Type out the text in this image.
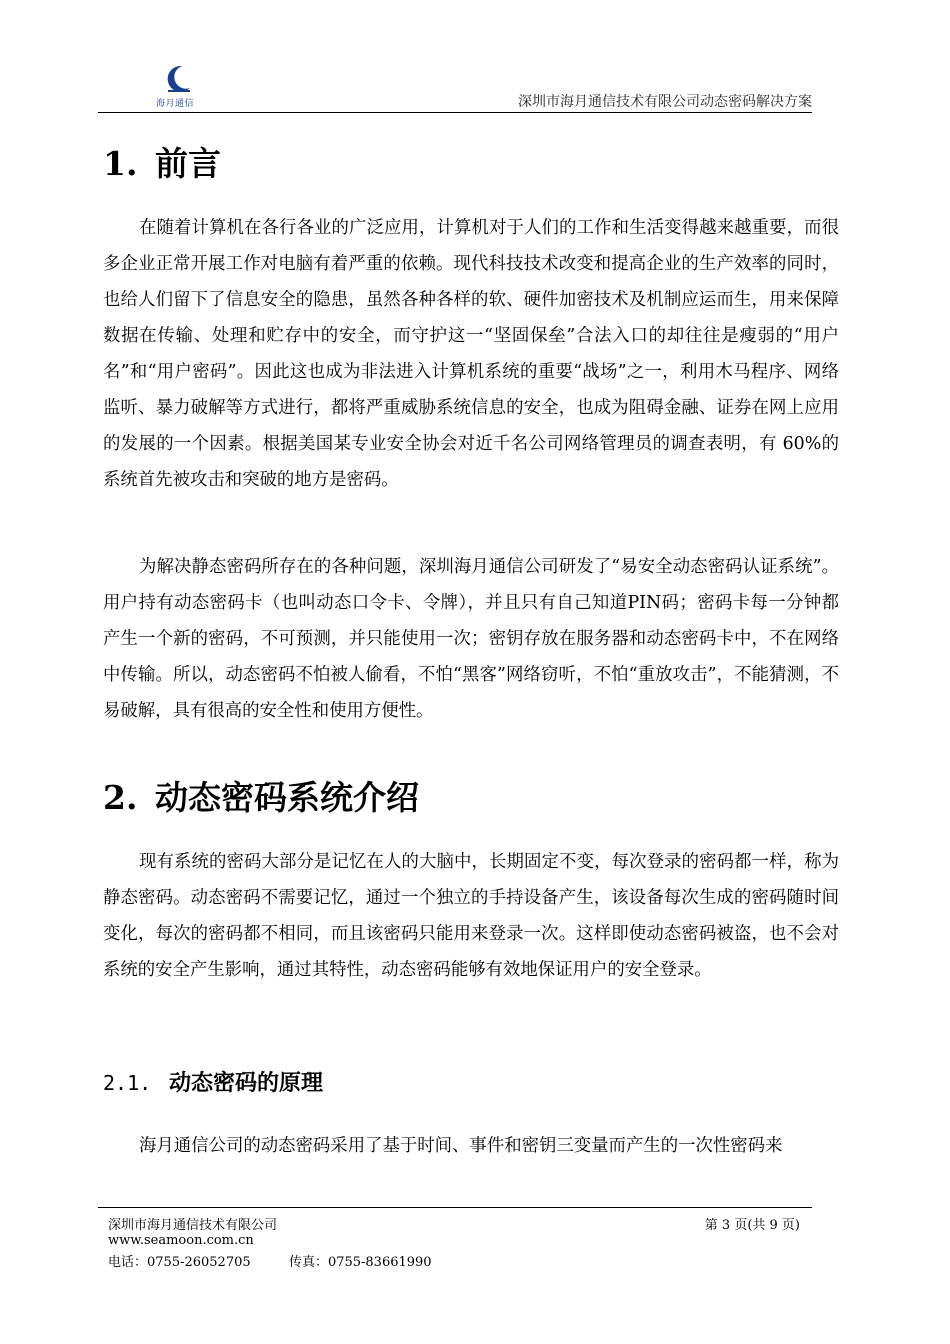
海月通信	深圳市海月通信技术有限公司动态密码解决方案
1. 前言
在随着计算机在各行各业的广泛应用，计算机对于人们的工作和生活变得越来越重要，而很多企业正常开展工作对电脑有着严重的依赖。现代科技技术改变和提高企业的生产效率的同时，也给人们留下了信息安全的隐患，虽然各种各样的软、硬件加密技术及机制应运而生，用来保障数据在传输、处理和贮存中的安全，而守护这一“坚固保垒”合法入口的却往往是瘦弱的“用户名”和“用户密码”。因此这也成为非法进入计算机系统的重要“战场”之一，利用木马程序、网络监听、暴力破解等方式进行，都将严重威胁系统信息的安全，也成为阻碍金融、证券在网上应用的发展的一个因素。根据美国某专业安全协会对近千名公司网络管理员的调查表明，有 60%的系统首先被攻击和突破的地方是密码。
为解决静态密码所存在的各种问题，深圳海月通信公司研发了“易安全动态密码认证系统”。用户持有动态密码卡（也叫动态口令卡、令牌），并且只有自己知道PIN码；密码卡每一分钟都产生一个新的密码，不可预测，并只能使用一次；密钥存放在服务器和动态密码卡中，不在网络中传输。所以，动态密码不怕被人偷看，不怕“黑客”网络窃听，不怕“重放攻击”，不能猜测，不易破解，具有很高的安全性和使用方便性。
2. 动态密码系统介绍
现有系统的密码大部分是记忆在人的大脑中，长期固定不变，每次登录的密码都一样，称为静态密码。动态密码不需要记忆，通过一个独立的手持设备产生，该设备每次生成的密码随时间变化，每次的密码都不相同，而且该密码只能用来登录一次。这样即使动态密码被盗，也不会对系统的安全产生影响，通过其特性，动态密码能够有效地保证用户的安全登录。
2.1. 动态密码的原理
海月通信公司的动态密码采用了基于时间、事件和密钥三变量而产生的一次性密码来
深圳市海月通信技术有限公司	第 3 页(共 9 页)
www.seamoon.com.cn
电话：0755-26052705	传真：0755-83661990
